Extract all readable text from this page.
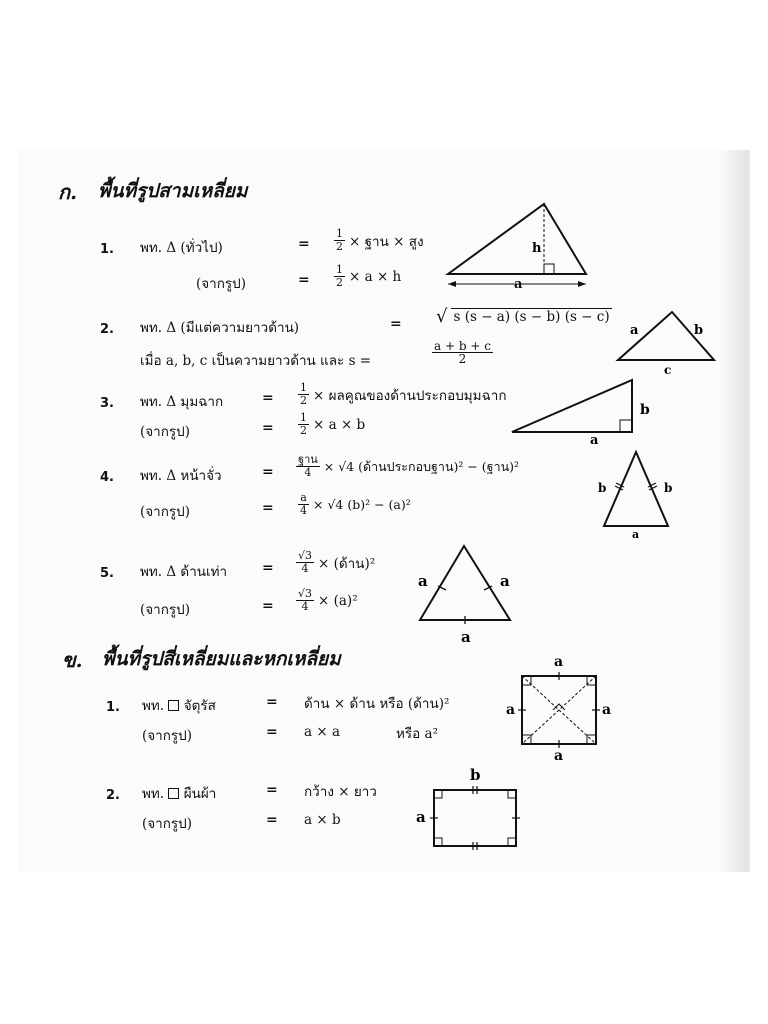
ก. พื้นที่รูปสามเหลี่ยม
1. พท. Δ (ทั่วไป)	= $\frac{1}{2}$ × ฐาน × สูง
(จากรูป)	= $\frac{1}{2} \times a \times h$
h
a
2. พท. Δ (มีแต่ความยาวด้าน)	= √ s (s − a) (s − b) (s − c)
เมื่อ a, b, c เป็นความยาวด้าน และ s =	$\frac{a + b + c}{2}$
a	b
c
3. พท. Δ มุมฉาก	= $\frac{1}{2}$ × ผลคูณของด้านประกอบมุมฉาก
(จากรูป)	= $\frac{1}{2} \times a \times b$
b
a
4. พท. Δ หน้าจั่ว	= $\frac{\text{ฐาน}}{4} \times √4$ (ด้านประกอบฐาน)² − (ฐาน)²
(จากรูป)	= $\frac{a}{4} \times √4$ (b)² − (a)²
b	b
a
5. พท. Δ ด้านเท่า = $\frac{√3}{4}$ × (ด้าน)²
(จากรูป)	= $\frac{√3}{4} \times (a)^2$
a	a
a
ข. พื้นที่รูปสี่เหลี่ยมและหกเหลี่ยม
1. พท. จัตุรัส	= ด้าน × ด้าน หรือ (ด้าน)²
(จากรูป)	= a × a	หรือ a²
a
a	a
a
2. พท. ผืนผ้า	= กว้าง × ยาว
(จากรูป)	= a × b
b
a
